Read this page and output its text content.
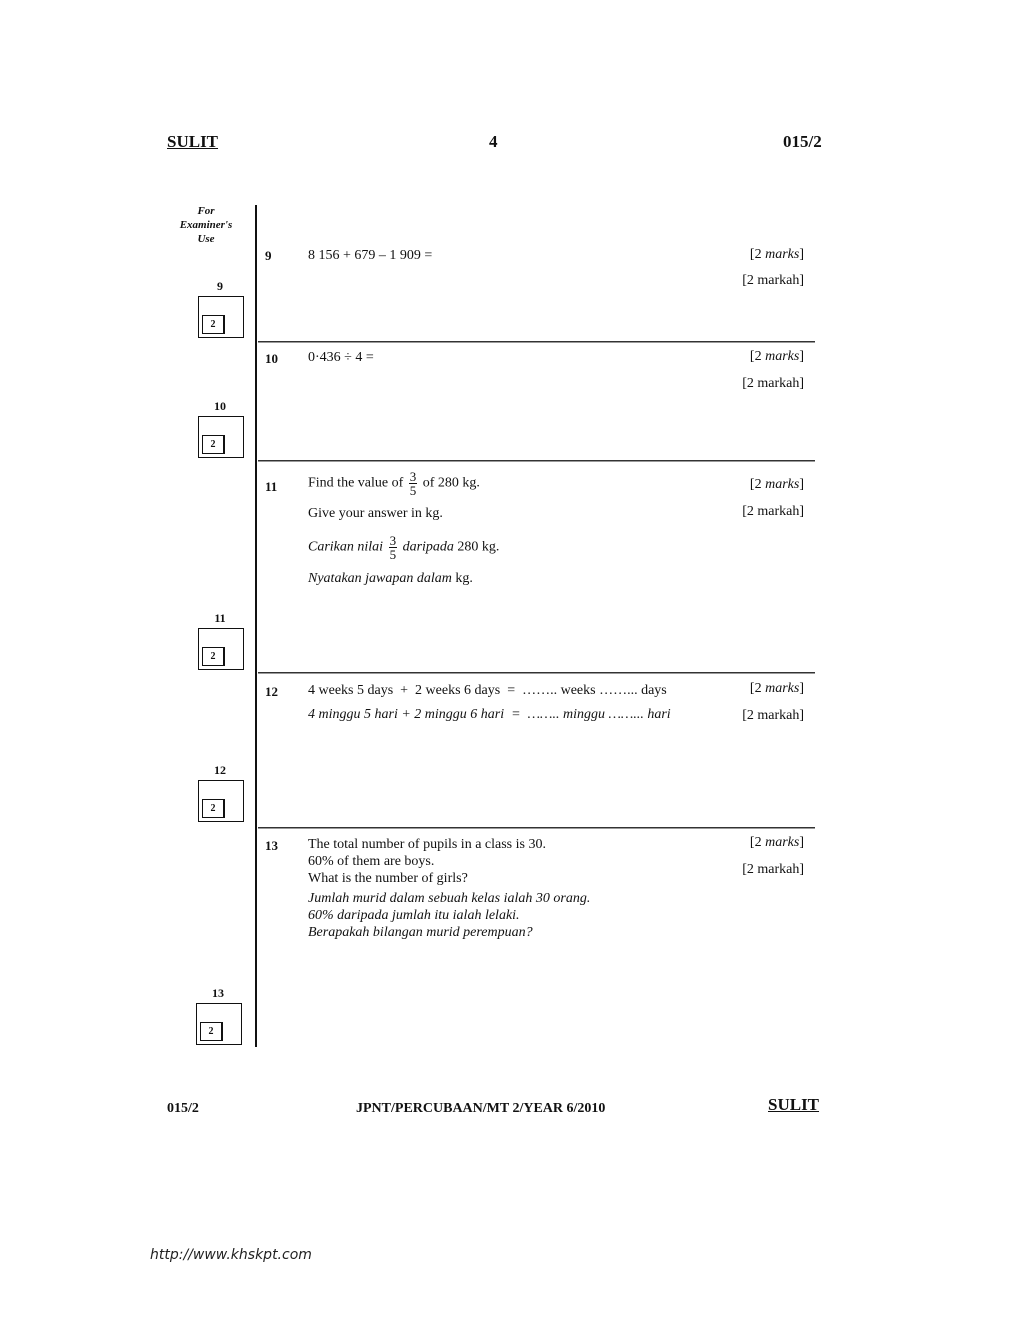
SULIT	4	015/2
For
Examiner's
Use
9	8 156 + 679 – 1 909 =	[2 marks]
[2 markah]
9
2
10 0·436 ÷ 4 =	[2 marks]
[2 markah]
10
2
11 Find the value of $\frac{3}{5}$ of 280 kg.
Give your answer in kg.
Carikan nilai $\frac{3}{5}$ daripada 280 kg.
Nyatakan jawapan dalam kg.
[2 marks]
[2 markah]
11
2
12 4 weeks 5 days  +  2 weeks 6 days  =  …….. weeks ……... days
4 minggu 5 hari + 2 minggu 6 hari  =  …….. minggu ……... hari
[2 marks]
[2 markah]
12
2
13 The total number of pupils in a class is 30.
60% of them are boys.
What is the number of girls?
Jumlah murid dalam sebuah kelas ialah 30 orang.
60% daripada jumlah itu ialah lelaki.
Berapakah bilangan murid perempuan?
[2 marks]
[2 markah]
13
2
015/2	JPNT/PERCUBAAN/MT 2/YEAR 6/2010	SULIT
http://www.khskpt.com
